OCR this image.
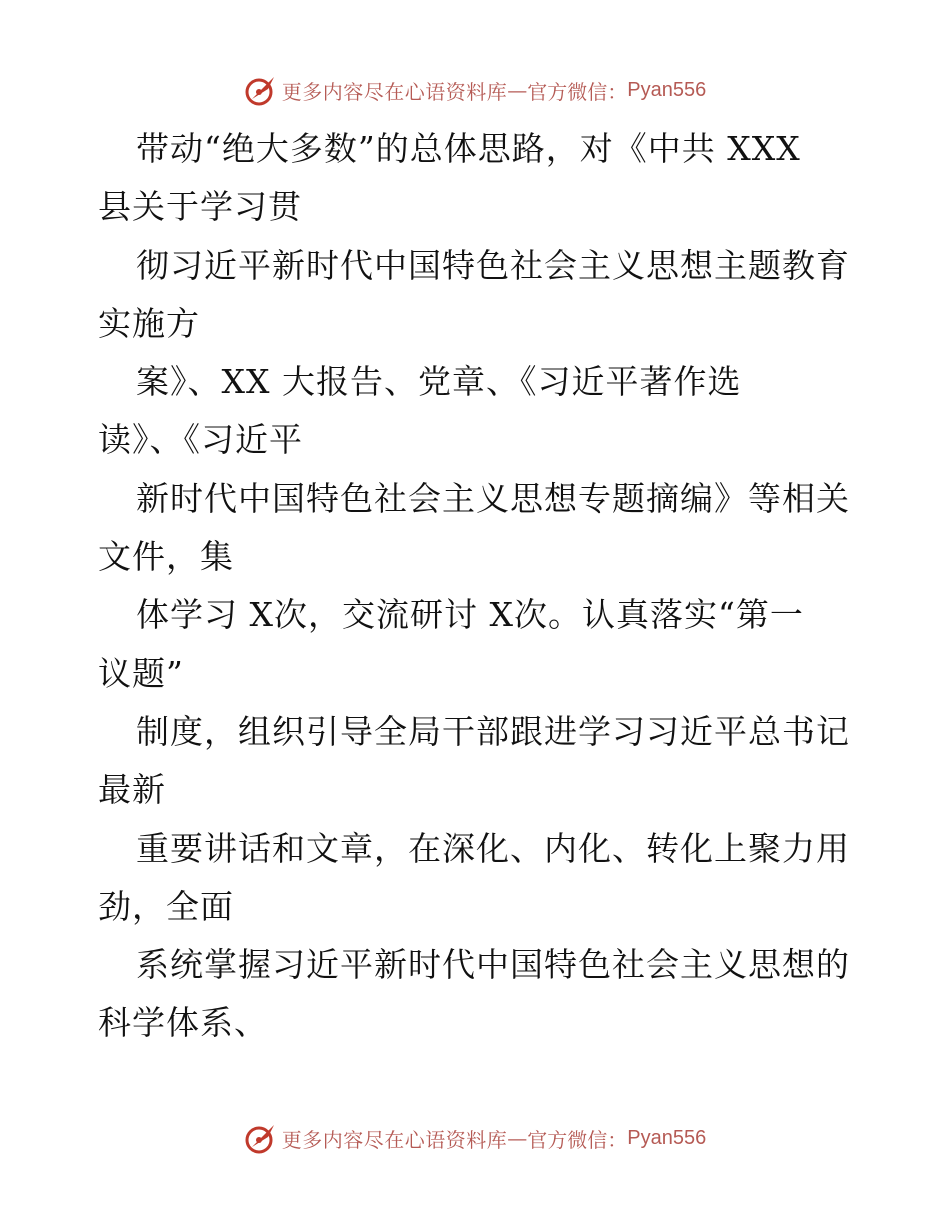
更多内容尽在心语资料库 — 官方微信： Pyan556
带动“绝大多数”的总体思路，对《中共 XXX
县关于学习贯
彻习近平新时代中国特色社会主义思想主题教育
实施方
案》、XX 大报告、党章、《习近平著作选
读》、《习近平
新时代中国特色社会主义思想专题摘编》等相关
文件，集
体学习 X次，交流研讨 X次。认真落实“第一
议题”
制度，组织引导全局干部跟进学习习近平总书记
最新
重要讲话和文章，在深化、内化、转化上聚力用
劲，全面
系统掌握习近平新时代中国特色社会主义思想的
科学体系、
更多内容尽在心语资料库 — 官方微信： Pyan556
